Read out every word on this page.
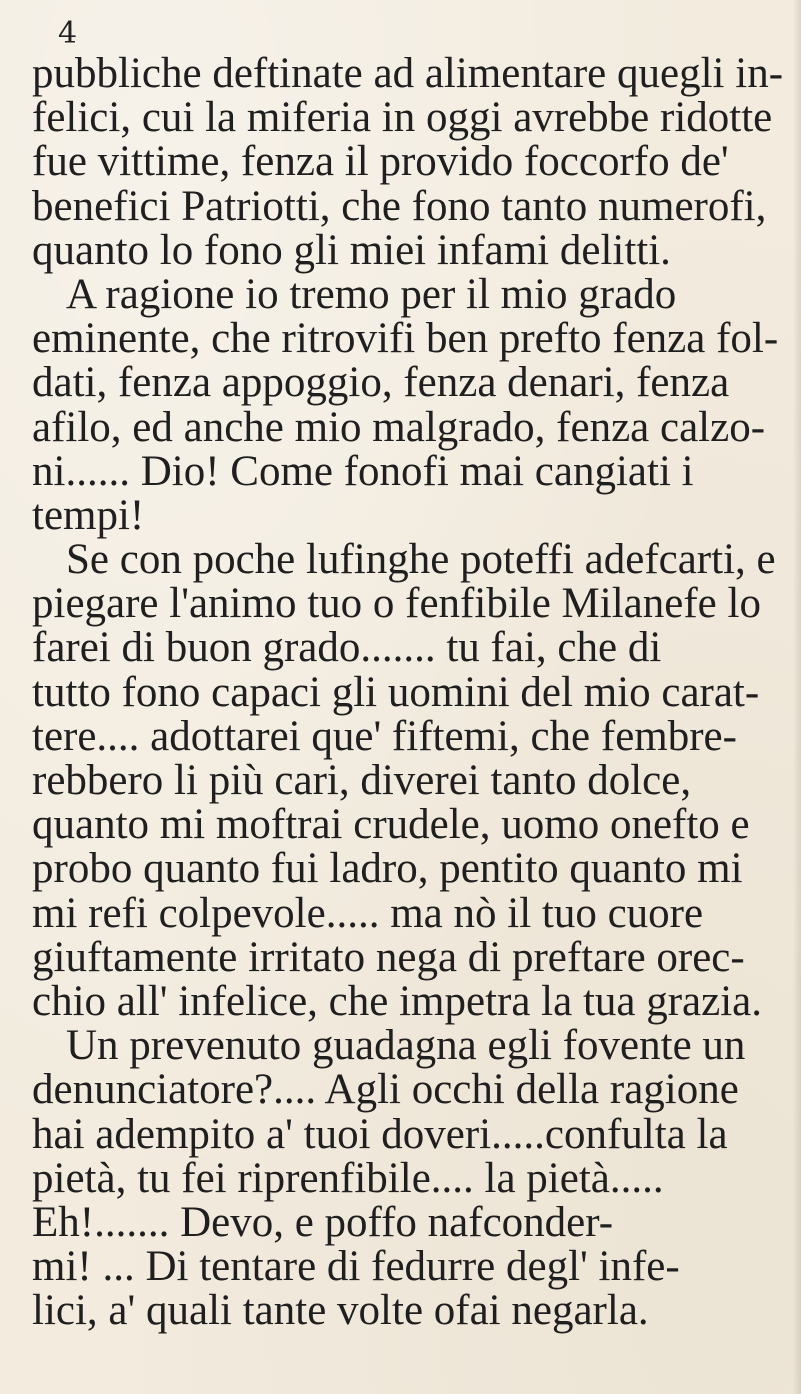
4
pubbliche deftinate ad alimentare quegli in-
felici, cui la miferia in oggi avrebbe ridotte
fue vittime, fenza il provido foccorfo de'
benefici Patriotti, che fono tanto numerofi,
quanto lo fono gli miei infami delitti.
A ragione io tremo per il mio grado
eminente, che ritrovifi ben prefto fenza fol-
dati, fenza appoggio, fenza denari, fenza
afilo, ed anche mio malgrado, fenza calzo-
ni...... Dio! Come fonofi mai cangiati i
tempi!
Se con poche lufinghe poteffi adefcarti, e
piegare l'animo tuo o fenfibile Milanefe lo
farei di buon grado....... tu fai, che di
tutto fono capaci gli uomini del mio carat-
tere.... adottarei que' fiftemi, che fembre-
rebbero li più cari, diverei tanto dolce,
quanto mi moftrai crudele, uomo onefto e
probo quanto fui ladro, pentito quanto mi
mi refi colpevole..... ma nò il tuo cuore
giuftamente irritato nega di preftare orec-
chio all' infelice, che impetra la tua grazia.
Un prevenuto guadagna egli fovente un
denunciatore?.... Agli occhi della ragione
hai adempito a' tuoi doveri.....confulta la
pietà, tu fei riprenfibile.... la pietà.....
Eh!....... Devo, e poffo nafconder-
mi! ... Di tentare di fedurre degl' infe-
lici, a' quali tante volte ofai negarla.
